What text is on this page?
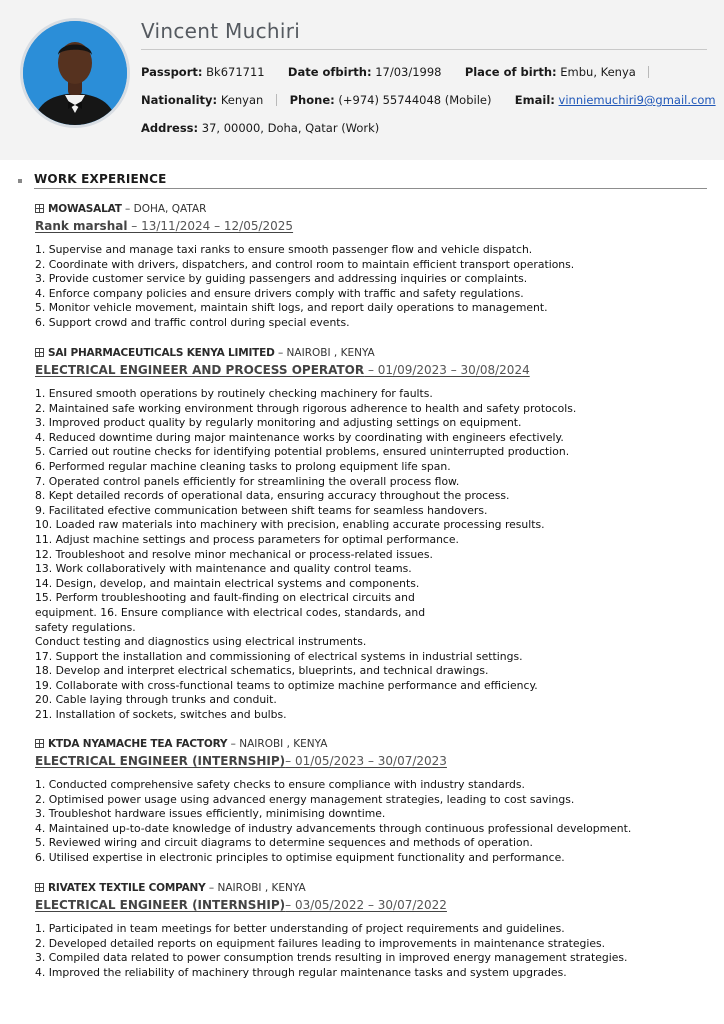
Vincent Muchiri
Passport: Bk671711 Date ofbirth: 17/03/1998 Place of birth: Embu, Kenya
Nationality: Kenyan Phone: (+974) 55744048 (Mobile) Email: vinniemuchiri9@gmail.com
Address: 37, 00000, Doha, Qatar (Work)
WORK EXPERIENCE
MOWASALAT – DOHA, QATAR
Rank marshal – 13/11/2024 – 12/05/2025
1. Supervise and manage taxi ranks to ensure smooth passenger flow and vehicle dispatch.
2. Coordinate with drivers, dispatchers, and control room to maintain efficient transport operations.
3. Provide customer service by guiding passengers and addressing inquiries or complaints.
4. Enforce company policies and ensure drivers comply with traffic and safety regulations.
5. Monitor vehicle movement, maintain shift logs, and report daily operations to management.
6. Support crowd and traffic control during special events.
SAI PHARMACEUTICALS KENYA LIMITED – NAIROBI , KENYA
ELECTRICAL ENGINEER AND PROCESS OPERATOR – 01/09/2023 – 30/08/2024
1. Ensured smooth operations by routinely checking machinery for faults.
2. Maintained safe working environment through rigorous adherence to health and safety protocols.
3. Improved product quality by regularly monitoring and adjusting settings on equipment.
4. Reduced downtime during major maintenance works by coordinating with engineers efectively.
5. Carried out routine checks for identifying potential problems, ensured uninterrupted production.
6. Performed regular machine cleaning tasks to prolong equipment life span.
7. Operated control panels efficiently for streamlining the overall process flow.
8. Kept detailed records of operational data, ensuring accuracy throughout the process.
9. Facilitated efective communication between shift teams for seamless handovers.
10. Loaded raw materials into machinery with precision, enabling accurate processing results.
11. Adjust machine settings and process parameters for optimal performance.
12. Troubleshoot and resolve minor mechanical or process-related issues.
13. Work collaboratively with maintenance and quality control teams.
14. Design, develop, and maintain electrical systems and components.
15. Perform troubleshooting and fault-finding on electrical circuits and
equipment. 16. Ensure compliance with electrical codes, standards, and
safety regulations.
Conduct testing and diagnostics using electrical instruments.
17. Support the installation and commissioning of electrical systems in industrial settings.
18. Develop and interpret electrical schematics, blueprints, and technical drawings.
19. Collaborate with cross-functional teams to optimize machine performance and efficiency.
20. Cable laying through trunks and conduit.
21. Installation of sockets, switches and bulbs.
KTDA NYAMACHE TEA FACTORY – NAIROBI , KENYA
ELECTRICAL ENGINEER (INTERNSHIP)– 01/05/2023 – 30/07/2023
1. Conducted comprehensive safety checks to ensure compliance with industry standards.
2. Optimised power usage using advanced energy management strategies, leading to cost savings.
3. Troubleshot hardware issues efficiently, minimising downtime.
4. Maintained up-to-date knowledge of industry advancements through continuous professional development.
5. Reviewed wiring and circuit diagrams to determine sequences and methods of operation.
6. Utilised expertise in electronic principles to optimise equipment functionality and performance.
RIVATEX TEXTILE COMPANY – NAIROBI , KENYA
ELECTRICAL ENGINEER (INTERNSHIP)– 03/05/2022 – 30/07/2022
1. Participated in team meetings for better understanding of project requirements and guidelines.
2. Developed detailed reports on equipment failures leading to improvements in maintenance strategies.
3. Compiled data related to power consumption trends resulting in improved energy management strategies.
4. Improved the reliability of machinery through regular maintenance tasks and system upgrades.
